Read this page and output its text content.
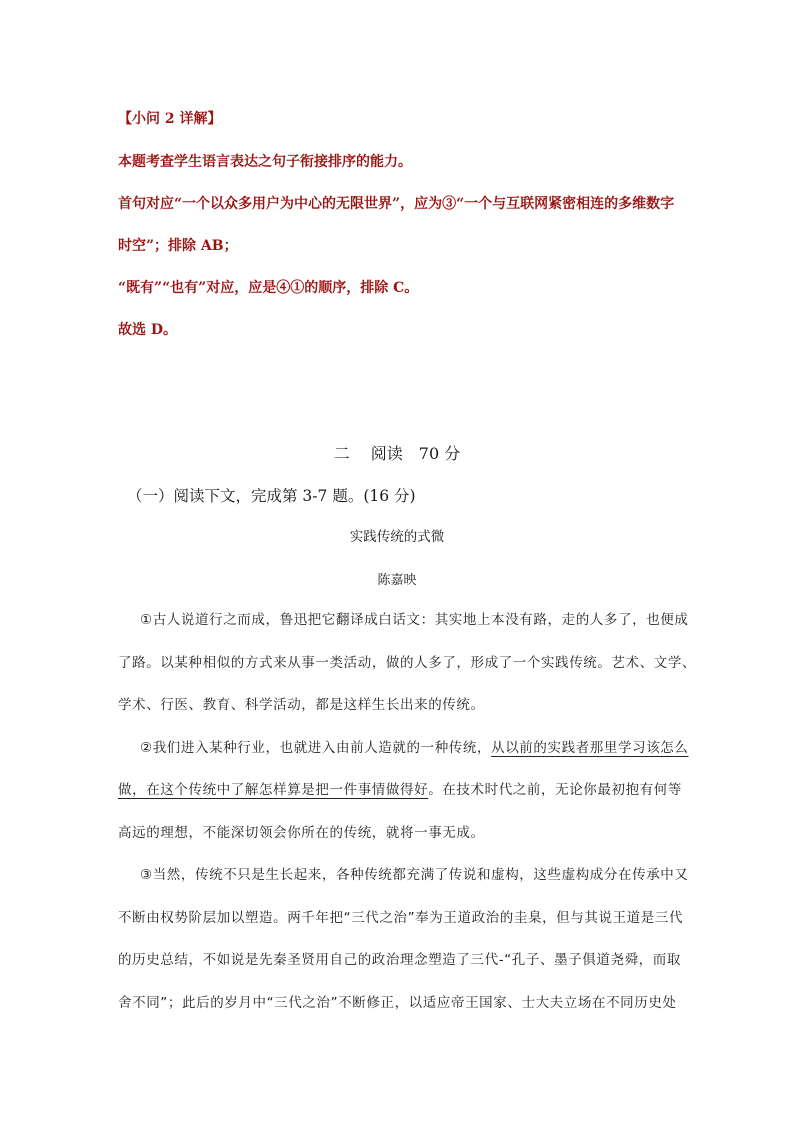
【小问 2 详解】
本题考查学生语言表达之句子衔接排序的能力。
首句对应“一个以众多用户为中心的无限世界”，应为③“一个与互联网紧密相连的多维数字
时空”；排除 AB；
“既有”“也有”对应，应是④①的顺序，排除 C。
故选 D。
二　 阅读　70 分
（一）阅读下文，完成第 3-7 题。(16 分)
实践传统的式微
陈嘉映
①古人说道行之而成，鲁迅把它翻译成白话文：其实地上本没有路，走的人多了，也便成
了路。以某种相似的方式来从事一类活动，做的人多了，形成了一个实践传统。艺术、文学、
学术、行医、教育、科学活动，都是这样生长出来的传统。
②我们进入某种行业，也就进入由前人造就的一种传统，从以前的实践者那里学习该怎么
做，在这个传统中了解怎样算是把一件事情做得好。在技术时代之前，无论你最初抱有何等
高远的理想，不能深切领会你所在的传统，就将一事无成。
③当然，传统不只是生长起来，各种传统都充满了传说和虚构，这些虚构成分在传承中又
不断由权势阶层加以塑造。两千年把“三代之治”奉为王道政治的圭臬，但与其说王道是三代
的历史总结，不如说是先秦圣贤用自己的政治理念塑造了三代-“孔子、墨子俱道尧舜，而取
舍不同”；此后的岁月中“三代之治”不断修正，以适应帝王国家、士大夫立场在不同历史处
